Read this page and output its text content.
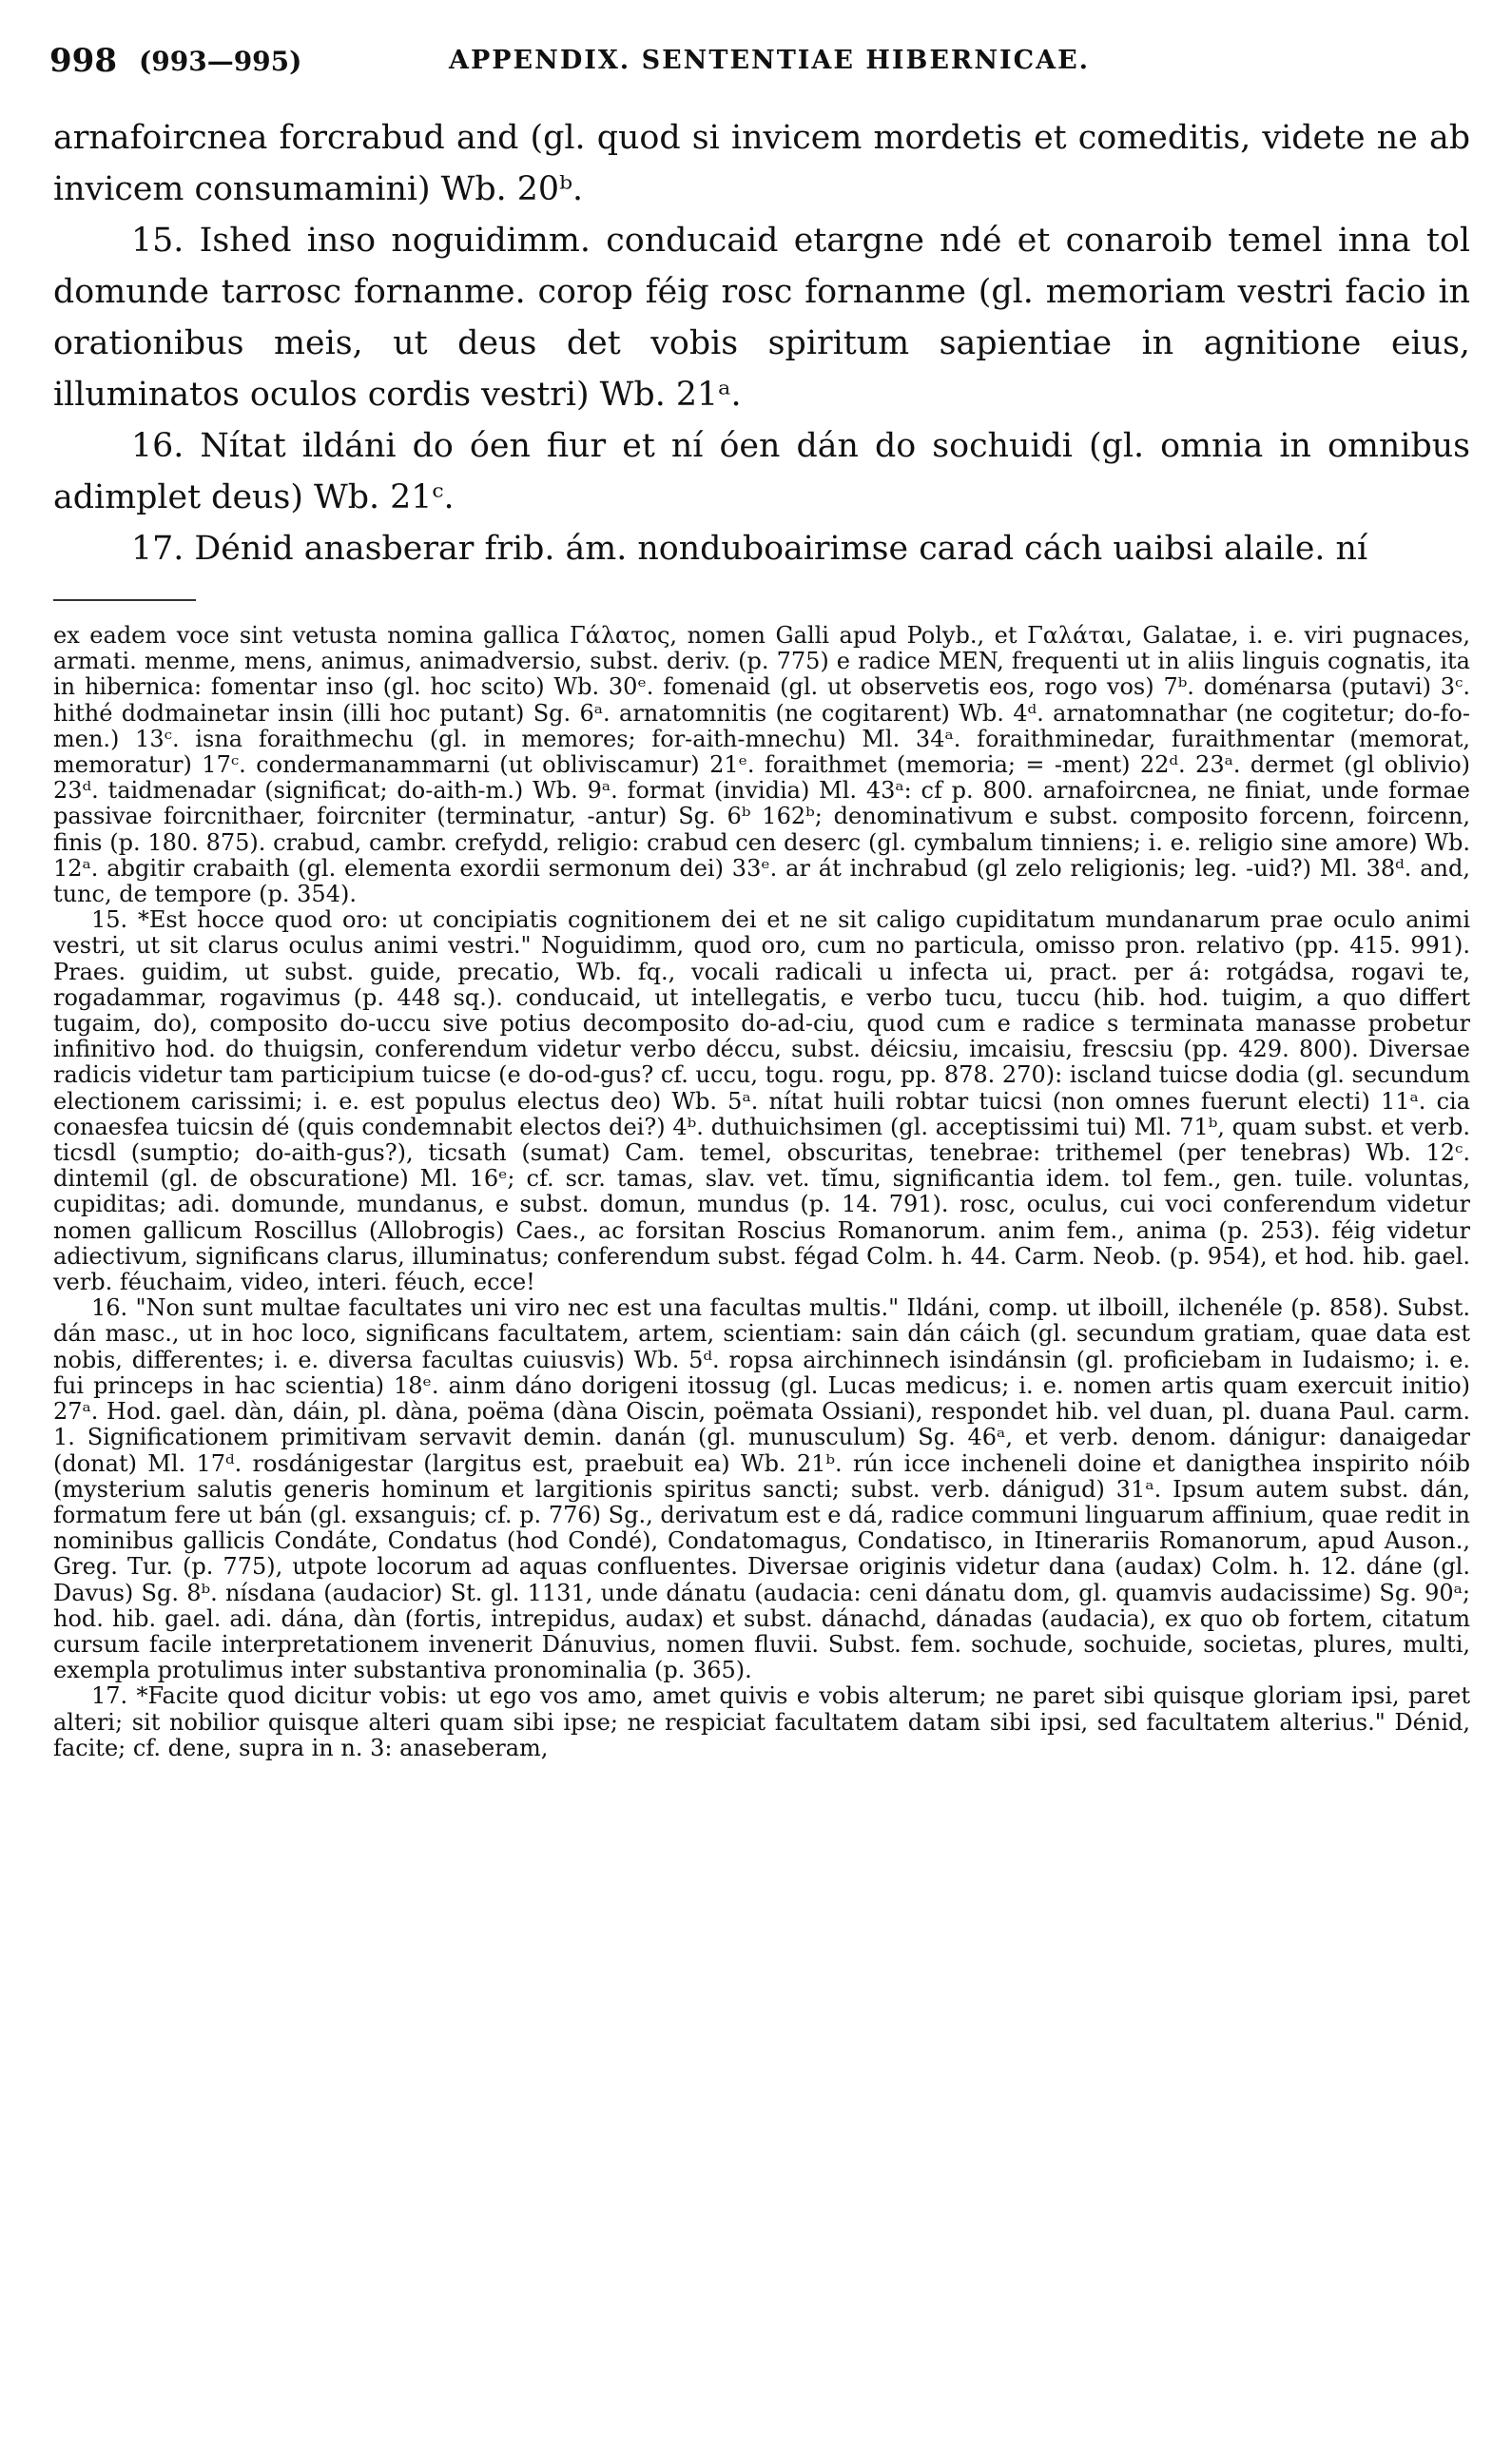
998 (993—995)	APPENDIX. SENTENTIAE HIBERNICAE.

arnafoircnea forcrabud and (gl. quod si invicem mordetis et comeditis, videte ne ab invicem consumamini) Wb. 20ᵇ.

15. Ished inso noguidimm. conducaid etargne ndé et conaroib temel inna tol domunde tarrosc fornanme. corop féig rosc fornanme (gl. memoriam vestri facio in orationibus meis, ut deus det vobis spiritum sapientiae in agnitione eius, illuminatos oculos cordis vestri) Wb. 21ᵃ.

16. Nítat ildáni do óen fiur et ní óen dán do sochuidi (gl. omnia in omnibus adimplet deus) Wb. 21ᶜ.

17. Dénid anasberar frib. ám. nonduboairimse carad cách uaibsi alaile. ní

ex eadem voce sint vetusta nomina gallica Γάλατος, nomen Galli apud Polyb., et Γαλάται, Galatae, i. e. viri pugnaces, armati. menme, mens, animus, animadversio, subst. deriv. (p. 775) e radice MEN, frequenti ut in aliis linguis cognatis, ita in hibernica: fomentar inso (gl. hoc scito) Wb. 30ᵉ. fomenaid (gl. ut observetis eos, rogo vos) 7ᵇ. doménarsa (putavi) 3ᶜ. hithé dodmainetar insin (illi hoc putant) Sg. 6ᵃ. arnatomnitis (ne cogitarent) Wb. 4ᵈ. arnatomnathar (ne cogitetur; do-fo-men.) 13ᶜ. isna foraithmechu (gl. in memores; for-aith-mnechu) Ml. 34ᵃ. foraithminedar, furaithmentar (memorat, memoratur) 17ᶜ. condermanammarni (ut obliviscamur) 21ᵉ. foraithmet (memoria; = -ment) 22ᵈ. 23ᵃ. dermet (gl oblivio) 23ᵈ. taidmenadar (significat; do-aith-m.) Wb. 9ᵃ. format (invidia) Ml. 43ᵃ: cf p. 800. arnafoircnea, ne finiat, unde formae passivae foircnithaer, foircniter (terminatur, -antur) Sg. 6ᵇ 162ᵇ; denominativum e subst. composito forcenn, foircenn, finis (p. 180. 875). crabud, cambr. crefydd, religio: crabud cen deserc (gl. cymbalum tinniens; i. e. religio sine amore) Wb. 12ᵃ. abgitir crabaith (gl. elementa exordii sermonum dei) 33ᵉ. ar át inchrabud (gl zelo religionis; leg. -uid?) Ml. 38ᵈ. and, tunc, de tempore (p. 354).

15. *Est hocce quod oro: ut concipiatis cognitionem dei et ne sit caligo cupiditatum mundanarum prae oculo animi vestri, ut sit clarus oculus animi vestri." Noguidimm, quod oro, cum no particula, omisso pron. relativo (pp. 415. 991). Praes. guidim, ut subst. guide, precatio, Wb. fq., vocali radicali u infecta ui, pract. per á: rotgádsa, rogavi te, rogadammar, rogavimus (p. 448 sq.). conducaid, ut intellegatis, e verbo tucu, tuccu (hib. hod. tuigim, a quo differt tugaim, do), composito do-uccu sive potius decomposito do-ad-ciu, quod cum e radice s terminata manasse probetur infinitivo hod. do thuigsin, conferendum videtur verbo déccu, subst. déicsiu, imcaisiu, frescsiu (pp. 429. 800). Diversae radicis videtur tam participium tuicse (e do-od-gus? cf. uccu, togu. rogu, pp. 878. 270): iscland tuicse dodia (gl. secundum electionem carissimi; i. e. est populus electus deo) Wb. 5ᵃ. nítat huili robtar tuicsi (non omnes fuerunt electi) 11ᵃ. cia conaesfea tuicsin dé (quis condemnabit electos dei?) 4ᵇ. duthuichsimen (gl. acceptissimi tui) Ml. 71ᵇ, quam subst. et verb. ticsdl (sumptio; do-aith-gus?), ticsath (sumat) Cam. temel, obscuritas, tenebrae: trithemel (per tenebras) Wb. 12ᶜ. dintemil (gl. de obscuratione) Ml. 16ᵉ; cf. scr. tamas, slav. vet. tĭmu, significantia idem. tol fem., gen. tuile. voluntas, cupiditas; adi. domunde, mundanus, e subst. domun, mundus (p. 14. 791). rosc, oculus, cui voci conferendum videtur nomen gallicum Roscillus (Allobrogis) Caes., ac forsitan Roscius Romanorum. anim fem., anima (p. 253). féig videtur adiectivum, significans clarus, illuminatus; conferendum subst. fégad Colm. h. 44. Carm. Neob. (p. 954), et hod. hib. gael. verb. féuchaim, video, interi. féuch, ecce!

16. "Non sunt multae facultates uni viro nec est una facultas multis." Ildáni, comp. ut ilboill, ilchenéle (p. 858). Subst. dán masc., ut in hoc loco, significans facultatem, artem, scientiam: sain dán cáich (gl. secundum gratiam, quae data est nobis, differentes; i. e. diversa facultas cuiusvis) Wb. 5ᵈ. ropsa airchinnech isindánsin (gl. proficiebam in Iudaismo; i. e. fui princeps in hac scientia) 18ᵉ. ainm dáno dorigeni itossug (gl. Lucas medicus; i. e. nomen artis quam exercuit initio) 27ᵃ. Hod. gael. dàn, dáin, pl. dàna, poëma (dàna Oiscin, poëmata Ossiani), respondet hib. vel duan, pl. duana Paul. carm. 1. Significationem primitivam servavit demin. danán (gl. munusculum) Sg. 46ᵃ, et verb. denom. dánigur: danaigedar (donat) Ml. 17ᵈ. rosdánigestar (largitus est, praebuit ea) Wb. 21ᵇ. rún icce incheneli doine et danigthea inspirito nóib (mysterium salutis generis hominum et largitionis spiritus sancti; subst. verb. dánigud) 31ᵃ. Ipsum autem subst. dán, formatum fere ut bán (gl. exsanguis; cf. p. 776) Sg., derivatum est e dá, radice communi linguarum affinium, quae redit in nominibus gallicis Condáte, Condatus (hod Condé), Condatomagus, Condatisco, in Itinerariis Romanorum, apud Auson., Greg. Tur. (p. 775), utpote locorum ad aquas confluentes. Diversae originis videtur dana (audax) Colm. h. 12. dáne (gl. Davus) Sg. 8ᵇ. nísdana (audacior) St. gl. 1131, unde dánatu (audacia: ceni dánatu dom, gl. quamvis audacissime) Sg. 90ᵃ; hod. hib. gael. adi. dána, dàn (fortis, intrepidus, audax) et subst. dánachd, dánadas (audacia), ex quo ob fortem, citatum cursum facile interpretationem invenerit Dánuvius, nomen fluvii. Subst. fem. sochude, sochuide, societas, plures, multi, exempla protulimus inter substantiva pronominalia (p. 365).

17. *Facite quod dicitur vobis: ut ego vos amo, amet quivis e vobis alterum; ne paret sibi quisque gloriam ipsi, paret alteri; sit nobilior quisque alteri quam sibi ipse; ne respiciat facultatem datam sibi ipsi, sed facultatem alterius." Dénid, facite; cf. dene, supra in n. 3: anaseberam,
